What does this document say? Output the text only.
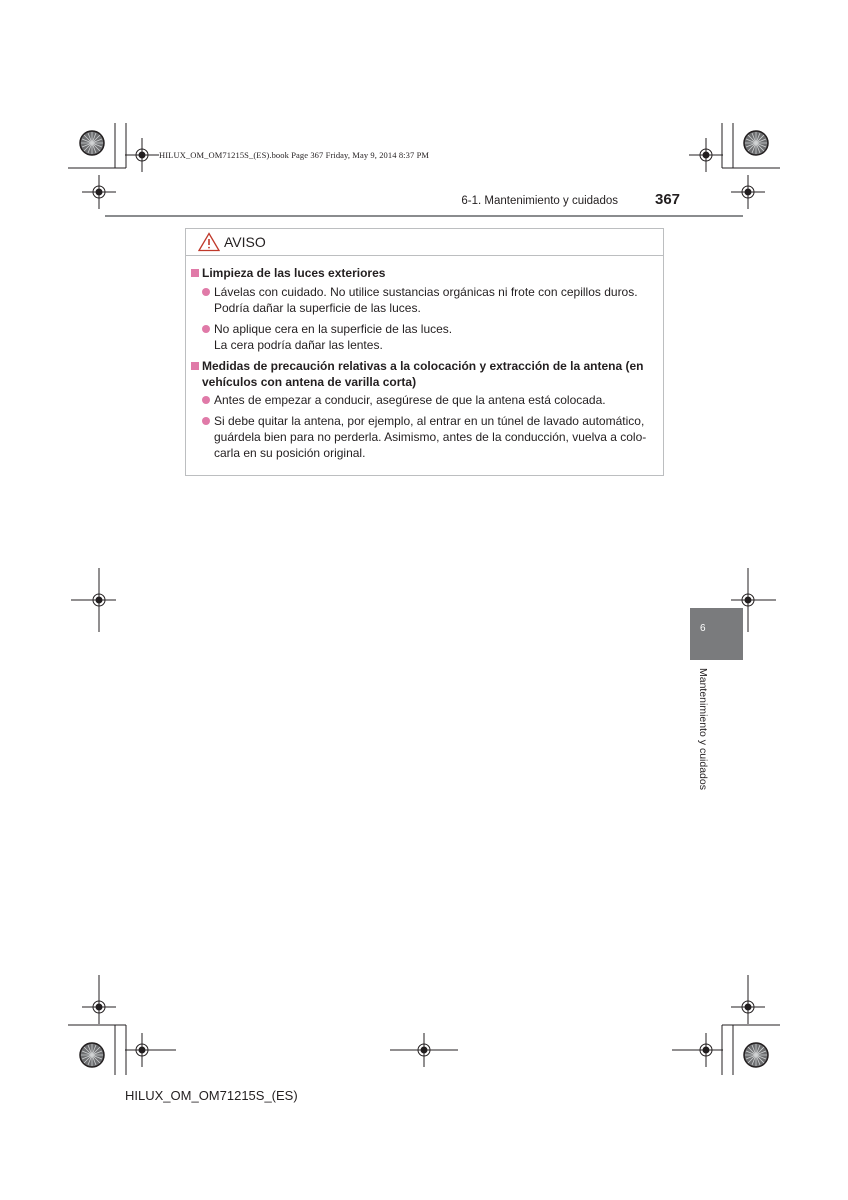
HILUX_OM_OM71215S_(ES).book Page 367 Friday, May 9, 2014 8:37 PM
6-1. Mantenimiento y cuidados 367
6
Mantenimiento y cuidados
AVISO
Limpieza de las luces exteriores
Lávelas con cuidado. No utilice sustancias orgánicas ni frote con cepillos duros.
Podría dañar la superficie de las luces.
No aplique cera en la superficie de las luces.
La cera podría dañar las lentes.
Medidas de precaución relativas a la colocación y extracción de la antena (en
vehículos con antena de varilla corta)
Antes de empezar a conducir, asegúrese de que la antena está colocada.
Si debe quitar la antena, por ejemplo, al entrar en un túnel de lavado automático,
guárdela bien para no perderla. Asimismo, antes de la conducción, vuelva a colo-
carla en su posición original.
HILUX_OM_OM71215S_(ES)
